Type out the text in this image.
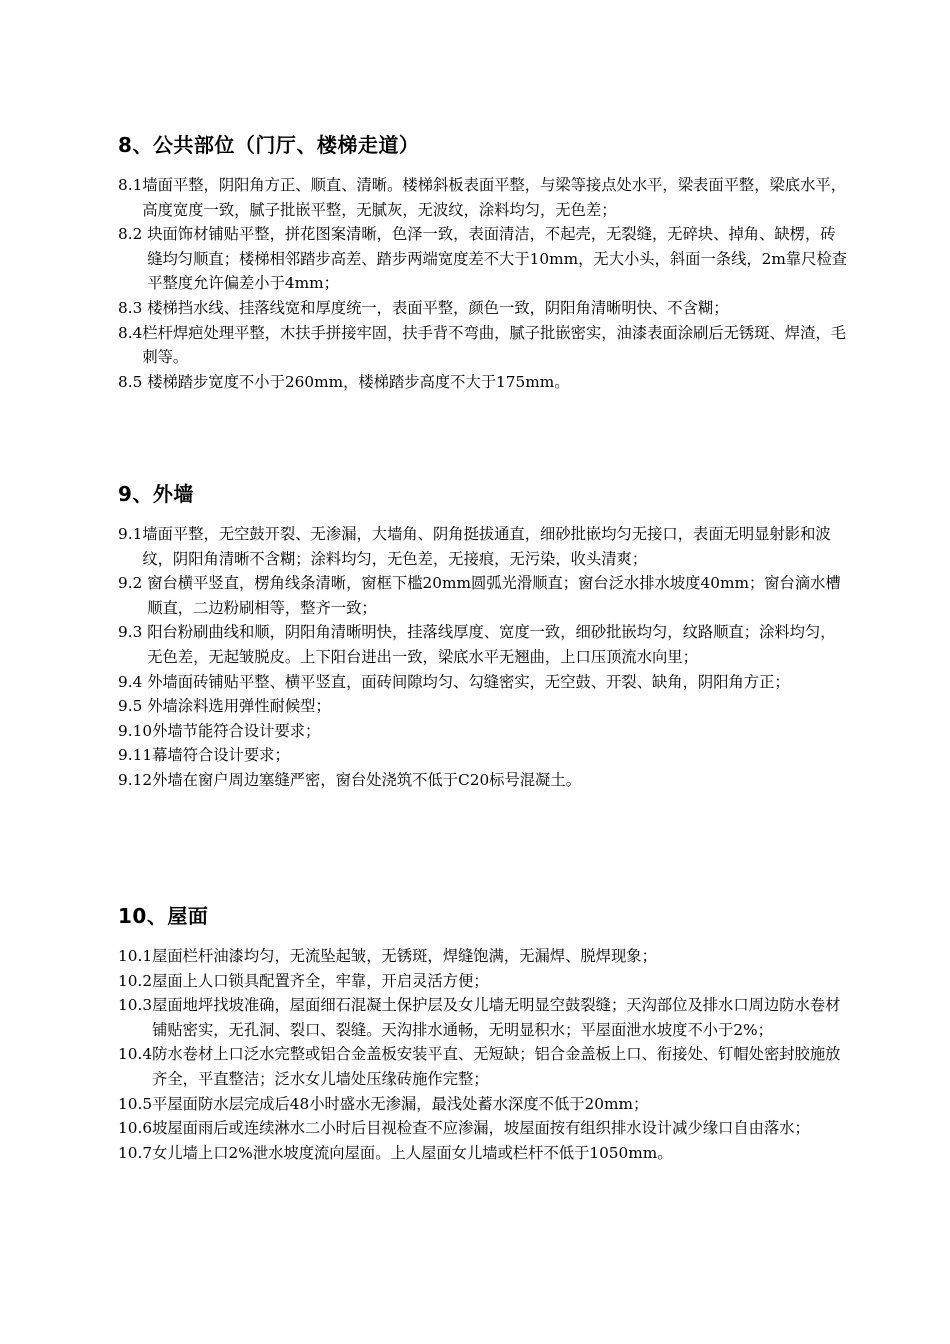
8、公共部位（门厅、楼梯走道）
8.1 墙面平整，阴阳角方正、顺直、清晰。楼梯斜板表面平整，与梁等接点处水平，梁表面平整，梁底水平，高度宽度一致，腻子批嵌平整，无腻灰，无波纹，涂料均匀，无色差；
8.2 块面饰材铺贴平整，拼花图案清晰，色泽一致，表面清洁，不起壳，无裂缝，无碎块、掉角、缺楞，砖缝均匀顺直；楼梯相邻踏步高差、踏步两端宽度差不大于10mm，无大小头，斜面一条线，2m靠尺检查平整度允许偏差小于4mm；
8.3 楼梯挡水线、挂落线宽和厚度统一，表面平整，颜色一致，阴阳角清晰明快、不含糊；
8.4 栏杆焊疤处理平整，木扶手拼接牢固，扶手背不弯曲，腻子批嵌密实，油漆表面涂刷后无锈斑、焊渣，毛刺等。
8.5 楼梯踏步宽度不小于260mm，楼梯踏步高度不大于175mm。
9、外墙
9.1 墙面平整，无空鼓开裂、无渗漏，大墙角、阴角挺拔通直，细砂批嵌均匀无接口，表面无明显射影和波纹，阴阳角清晰不含糊；涂料均匀，无色差，无接痕，无污染，收头清爽；
9.2 窗台横平竖直，楞角线条清晰，窗框下槛20mm圆弧光滑顺直；窗台泛水排水坡度40mm；窗台滴水槽顺直，二边粉刷相等，整齐一致；
9.3 阳台粉刷曲线和顺，阴阳角清晰明快，挂落线厚度、宽度一致，细砂批嵌均匀，纹路顺直；涂料均匀，无色差，无起皱脱皮。上下阳台进出一致，梁底水平无翘曲，上口压顶流水向里；
9.4 外墙面砖铺贴平整、横平竖直，面砖间隙均匀、勾缝密实，无空鼓、开裂、缺角，阴阳角方正；
9.5 外墙涂料选用弹性耐候型；
9.10 外墙节能符合设计要求；
9.11 幕墙符合设计要求；
9.12 外墙在窗户周边塞缝严密，窗台处浇筑不低于C20标号混凝土。
10、屋面
10.1 屋面栏杆油漆均匀，无流坠起皱，无锈斑，焊缝饱满，无漏焊、脱焊现象；
10.2 屋面上人口锁具配置齐全，牢靠，开启灵活方便；
10.3 屋面地坪找坡准确，屋面细石混凝土保护层及女儿墙无明显空鼓裂缝；天沟部位及排水口周边防水卷材铺贴密实，无孔洞、裂口、裂缝。天沟排水通畅，无明显积水；平屋面泄水坡度不小于2%；
10.4 防水卷材上口泛水完整或铝合金盖板安装平直、无短缺；铝合金盖板上口、衔接处、钉帽处密封胶施放齐全，平直整洁；泛水女儿墙处压缘砖施作完整；
10.5 平屋面防水层完成后48小时盛水无渗漏，最浅处蓄水深度不低于20mm；
10.6 坡屋面雨后或连续淋水二小时后目视检查不应渗漏，坡屋面按有组织排水设计减少缘口自由落水；
10.7 女儿墙上口2%泄水坡度流向屋面。上人屋面女儿墙或栏杆不低于1050mm。
